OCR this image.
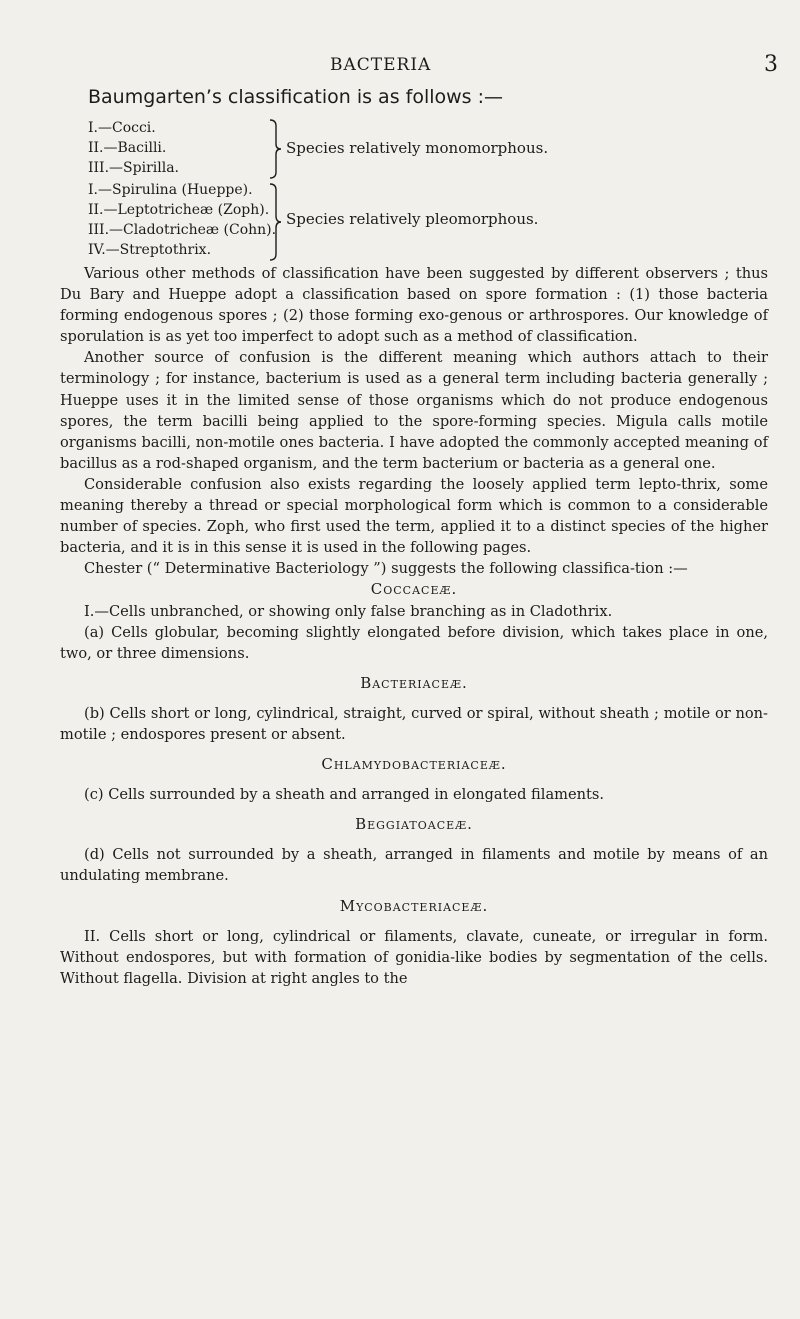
BACTERIA	3
Baumgarten’s classification is as follows :—
I.—Cocci.
II.—Bacilli.
III.—Spirilla.
Species relatively monomorphous.
I.—Spirulina (Hueppe).
II.—Leptotricheæ (Zoph).
III.—Cladotricheæ (Cohn).
IV.—Streptothrix.
Species relatively pleomorphous.

Various other methods of classification have been suggested by different observers ; thus Du Bary and Hueppe adopt a classification based on spore formation : (1) those bacteria forming endogenous spores ; (2) those forming exo-genous or arthrospores. Our knowledge of sporulation is as yet too imperfect to adopt such as a method of classification.

Another source of confusion is the different meaning which authors attach to their terminology ; for instance, bacterium is used as a general term including bacteria generally ; Hueppe uses it in the limited sense of those organisms which do not produce endogenous spores, the term bacilli being applied to the spore-forming species. Migula calls motile organisms bacilli, non-motile ones bacteria. I have adopted the commonly accepted meaning of bacillus as a rod-shaped organism, and the term bacterium or bacteria as a general one.

Considerable confusion also exists regarding the loosely applied term lepto-thrix, some meaning thereby a thread or special morphological form which is common to a considerable number of species. Zoph, who first used the term, applied it to a distinct species of the higher bacteria, and it is in this sense it is used in the following pages.

Chester (“ Determinative Bacteriology ”) suggests the following classifica-tion :—

Coccaceæ.

I.—Cells unbranched, or showing only false branching as in Cladothrix.

(a) Cells globular, becoming slightly elongated before division, which takes place in one, two, or three dimensions.

Bacteriaceæ.

(b) Cells short or long, cylindrical, straight, curved or spiral, without sheath ; motile or non-motile ; endospores present or absent.

Chlamydobacteriaceæ.

(c) Cells surrounded by a sheath and arranged in elongated filaments.

Beggiatoaceæ.

(d) Cells not surrounded by a sheath, arranged in filaments and motile by means of an undulating membrane.

Mycobacteriaceæ.

II. Cells short or long, cylindrical or filaments, clavate, cuneate, or irregular in form. Without endospores, but with formation of gonidia-like bodies by segmentation of the cells. Without flagella. Division at right angles to the
